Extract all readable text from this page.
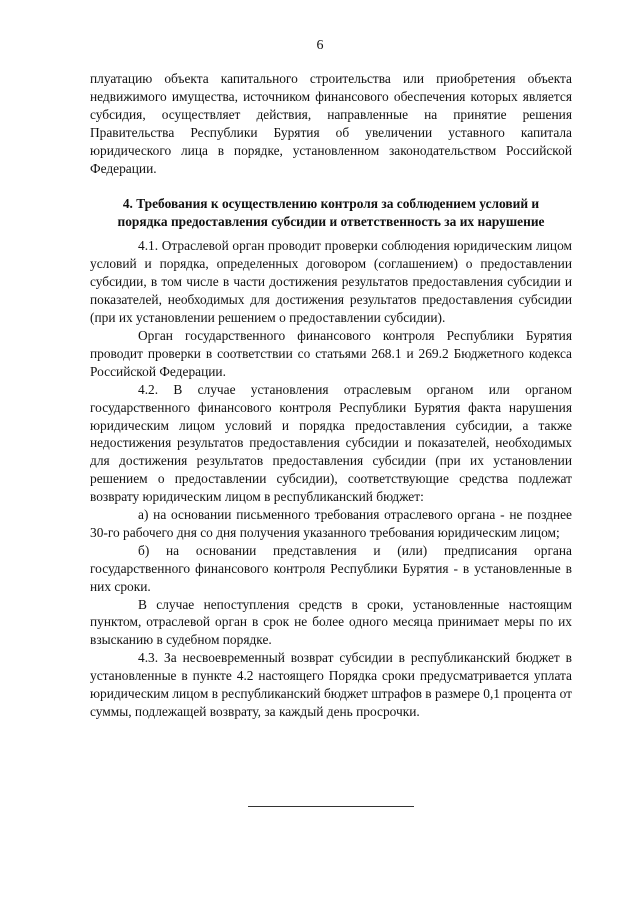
6

плуатацию объекта капитального строительства или приобретения объекта недвижимого имущества, источником финансового обеспечения которых является субсидия, осуществляет действия, направленные на принятие решения Правительства Республики Бурятия об увеличении уставного капитала юридического лица в порядке, установленном законодательством Российской Федерации.

4. Требования к осуществлению контроля за соблюдением условий и порядка предоставления субсидии и ответственность за их нарушение

4.1. Отраслевой орган проводит проверки соблюдения юридическим лицом условий и порядка, определенных договором (соглашением) о предоставлении субсидии, в том числе в части достижения результатов предоставления субсидии и показателей, необходимых для достижения результатов предоставления субсидии (при их установлении решением о предоставлении субсидии).

Орган государственного финансового контроля Республики Бурятия проводит проверки в соответствии со статьями 268.1 и 269.2 Бюджетного кодекса Российской Федерации.

4.2. В случае установления отраслевым органом или органом государственного финансового контроля Республики Бурятия факта нарушения юридическим лицом условий и порядка предоставления субсидии, а также недостижения результатов предоставления субсидии и показателей, необходимых для достижения результатов предоставления субсидии (при их установлении решением о предоставлении субсидии), соответствующие средства подлежат возврату юридическим лицом в республиканский бюджет:

а) на основании письменного требования отраслевого органа - не позднее 30-го рабочего дня со дня получения указанного требования юридическим лицом;

б) на основании представления и (или) предписания органа государственного финансового контроля Республики Бурятия - в установленные в них сроки.

В случае непоступления средств в сроки, установленные настоящим пунктом, отраслевой орган в срок не более одного месяца принимает меры по их взысканию в судебном порядке.

4.3. За несвоевременный возврат субсидии в республиканский бюджет в установленные в пункте 4.2 настоящего Порядка сроки предусматривается уплата юридическим лицом в республиканский бюджет штрафов в размере 0,1 процента от суммы, подлежащей возврату, за каждый день просрочки.
